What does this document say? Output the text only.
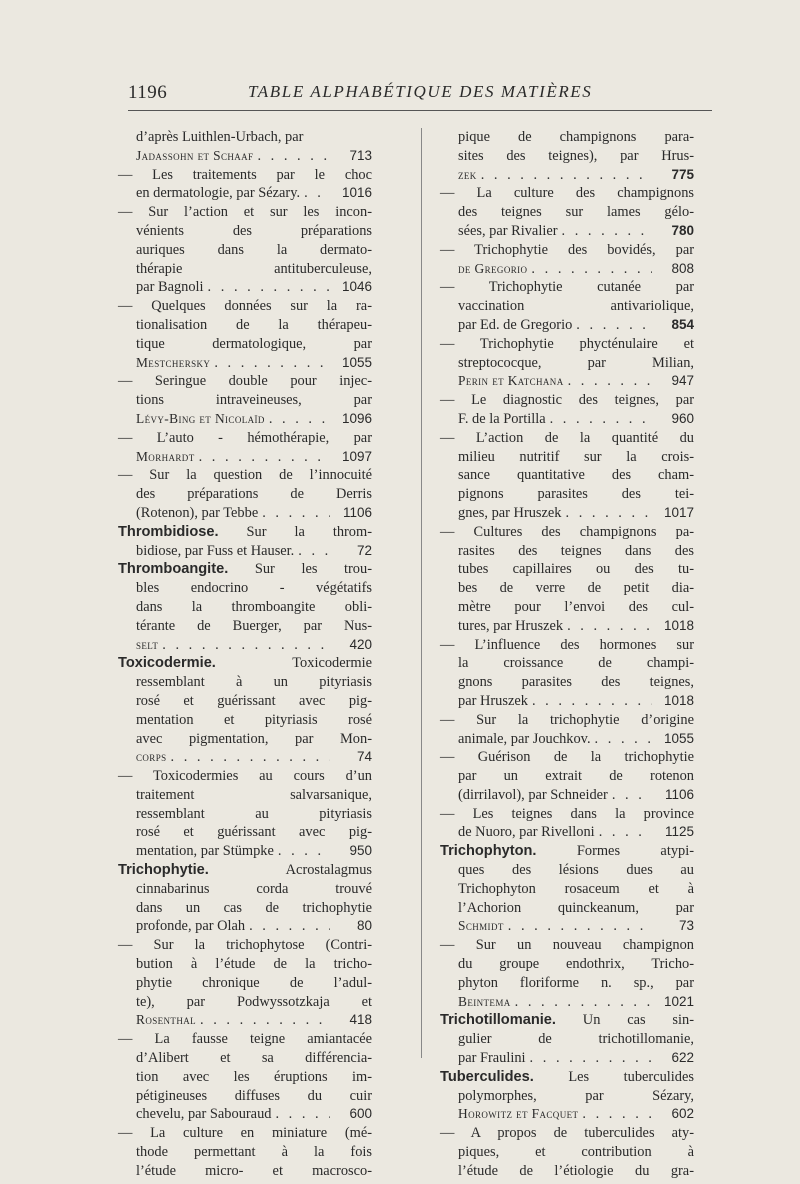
1196	TABLE ALPHABÉTIQUE DES MATIÈRES
d’après Luithlen-Urbach, par
Jadassohn et Schaaf . . .	713
— Les traitements par le choc
en dermatologie, par Sézary. . . .	1016
— Sur l’action et sur les incon-
vénients des préparations
auriques dans la dermato-
thérapie antituberculeuse,
par Bagnoli . . .	1046
— Quelques données sur la ra-
tionalisation de la thérapeu-
tique dermatologique, par
Mestchersky . . .	1055
— Seringue double pour injec-
tions intraveineuses, par
Lévy-Bing et Nicolaïd . . .	1096
— L’auto - hémothérapie, par
Morhardt . . .	1097
— Sur la question de l’innocuité
des préparations de Derris
(Rotenon), par Tebbe . . .	1106
Thrombidiose. Sur la throm-
bidiose, par Fuss et Hauser. . . .	72
Thromboangite. Sur les trou-
bles endocrino - végétatifs
dans la thromboangite obli-
térante de Buerger, par Nus-
selt . . .	420
Toxicodermie. Toxicodermie
ressemblant à un pityriasis
rosé et guérissant avec pig-
mentation et pityriasis rosé
avec pigmentation, par Mon-
corps . . .	74
— Toxicodermies au cours d’un
traitement salvarsanique,
ressemblant au pityriasis
rosé et guérissant avec pig-
mentation, par Stümpke . . .	950
Trichophytie. Acrostalagmus
cinnabarinus corda trouvé
dans un cas de trichophytie
profonde, par Olah . . .	80
— Sur la trichophytose (Contri-
bution à l’étude de la tricho-
phytie chronique de l’adul-
te), par Podwyssotzkaja et
Rosenthal . . .	418
— La fausse teigne amiantacée
d’Alibert et sa différencia-
tion avec les éruptions im-
pétigineuses diffuses du cuir
chevelu, par Sabouraud . . .	600
— La culture en miniature (mé-
thode permettant à la fois
l’étude micro- et macrosco-
pique de champignons para-
sites des teignes), par Hrus-
zek . . .	775
— La culture des champignons
des teignes sur lames gélo-
sées, par Rivalier . . .	780
— Trichophytie des bovidés, par
de Gregorio . . .	808
— Trichophytie cutanée par
vaccination antivariolique,
par Ed. de Gregorio . . .	854
— Trichophytie phycténulaire et
streptococque, par Milian,
Perin et Katchana . . .	947
— Le diagnostic des teignes, par
F. de la Portilla . . .	960
— L’action de la quantité du
milieu nutritif sur la crois-
sance quantitative des cham-
pignons parasites des tei-
gnes, par Hruszek . . .	1017
— Cultures des champignons pa-
rasites des teignes dans des
tubes capillaires ou des tu-
bes de verre de petit dia-
mètre pour l’envoi des cul-
tures, par Hruszek . . .	1018
— L’influence des hormones sur
la croissance de champi-
gnons parasites des teignes,
par Hruszek . . .	1018
— Sur la trichophytie d’origine
animale, par Jouchkov. . . .	1055
— Guérison de la trichophytie
par un extrait de rotenon
(dirrilavol), par Schneider . . .	1106
— Les teignes dans la province
de Nuoro, par Rivelloni . . .	1125
Trichophyton. Formes atypi-
ques des lésions dues au
Trichophyton rosaceum et à
l’Achorion quinckeanum, par
Schmidt . . .	73
— Sur un nouveau champignon
du groupe endothrix, Tricho-
phyton floriforme n. sp., par
Beintema . . .	1021
Trichotillomanie. Un cas sin-
gulier de trichotillomanie,
par Fraulini . . .	622
Tuberculides. Les tuberculides
polymorphes, par Sézary,
Horowitz et Facquet . . .	602
— A propos de tuberculides aty-
piques, et contribution à
l’étude de l’étiologie du gra-
